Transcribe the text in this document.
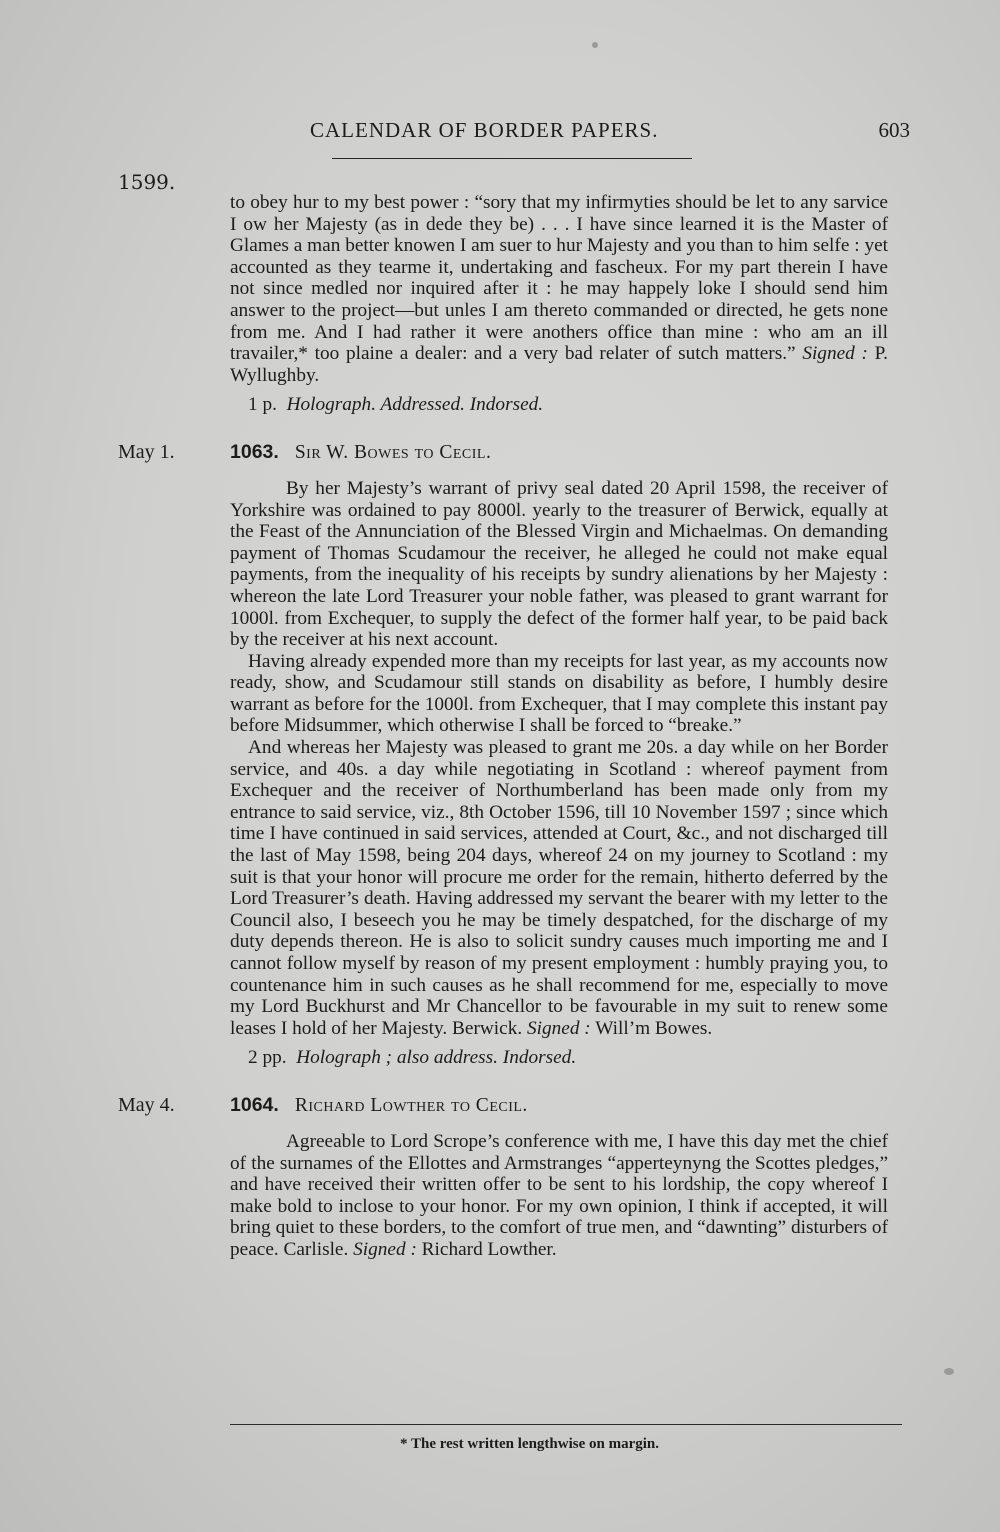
CALENDAR OF BORDER PAPERS.	603
1599.

to obey hur to my best power : “sory that my infirmyties should be let to any sarvice I ow her Majesty (as in dede they be) . . . I have since learned it is the Master of Glames a man better knowen I am suer to hur Majesty and you than to him selfe : yet accounted as they tearme it, undertaking and fascheux. For my part therein I have not since medled nor inquired after it : he may happely loke I should send him answer to the project—but unles I am thereto commanded or directed, he gets none from me. And I had rather it were anothers office than mine : who am an ill travailer,* too plaine a dealer: and a very bad relater of sutch matters.” Signed : P. Wyllughby.

1 p. Holograph. Addressed. Indorsed.

May 1.	1063. Sir W. Bowes to Cecil.

By her Majesty’s warrant of privy seal dated 20 April 1598, the receiver of Yorkshire was ordained to pay 8000l. yearly to the treasurer of Berwick, equally at the Feast of the Annunciation of the Blessed Virgin and Michaelmas. On demanding payment of Thomas Scudamour the receiver, he alleged he could not make equal payments, from the inequality of his receipts by sundry alienations by her Majesty : whereon the late Lord Treasurer your noble father, was pleased to grant warrant for 1000l. from Exchequer, to supply the defect of the former half year, to be paid back by the receiver at his next account.

Having already expended more than my receipts for last year, as my accounts now ready, show, and Scudamour still stands on disability as before, I humbly desire warrant as before for the 1000l. from Exchequer, that I may complete this instant pay before Midsummer, which otherwise I shall be forced to “breake.”

And whereas her Majesty was pleased to grant me 20s. a day while on her Border service, and 40s. a day while negotiating in Scotland : whereof payment from Exchequer and the receiver of Northumberland has been made only from my entrance to said service, viz., 8th October 1596, till 10 November 1597 ; since which time I have continued in said services, attended at Court, &c., and not discharged till the last of May 1598, being 204 days, whereof 24 on my journey to Scotland : my suit is that your honor will procure me order for the remain, hitherto deferred by the Lord Treasurer’s death. Having addressed my servant the bearer with my letter to the Council also, I beseech you he may be timely despatched, for the discharge of my duty depends thereon. He is also to solicit sundry causes much importing me and I cannot follow myself by reason of my present employment : humbly praying you, to countenance him in such causes as he shall recommend for me, especially to move my Lord Buckhurst and Mr Chancellor to be favourable in my suit to renew some leases I hold of her Majesty. Berwick. Signed : Will’m Bowes.

2 pp. Holograph ; also address. Indorsed.

May 4.	1064. Richard Lowther to Cecil.

Agreeable to Lord Scrope’s conference with me, I have this day met the chief of the surnames of the Ellottes and Armstranges “apperteynyng the Scottes pledges,” and have received their written offer to be sent to his lordship, the copy whereof I make bold to inclose to your honor. For my own opinion, I think if accepted, it will bring quiet to these borders, to the comfort of true men, and “dawnting” disturbers of peace. Carlisle. Signed : Richard Lowther.

* The rest written lengthwise on margin.
